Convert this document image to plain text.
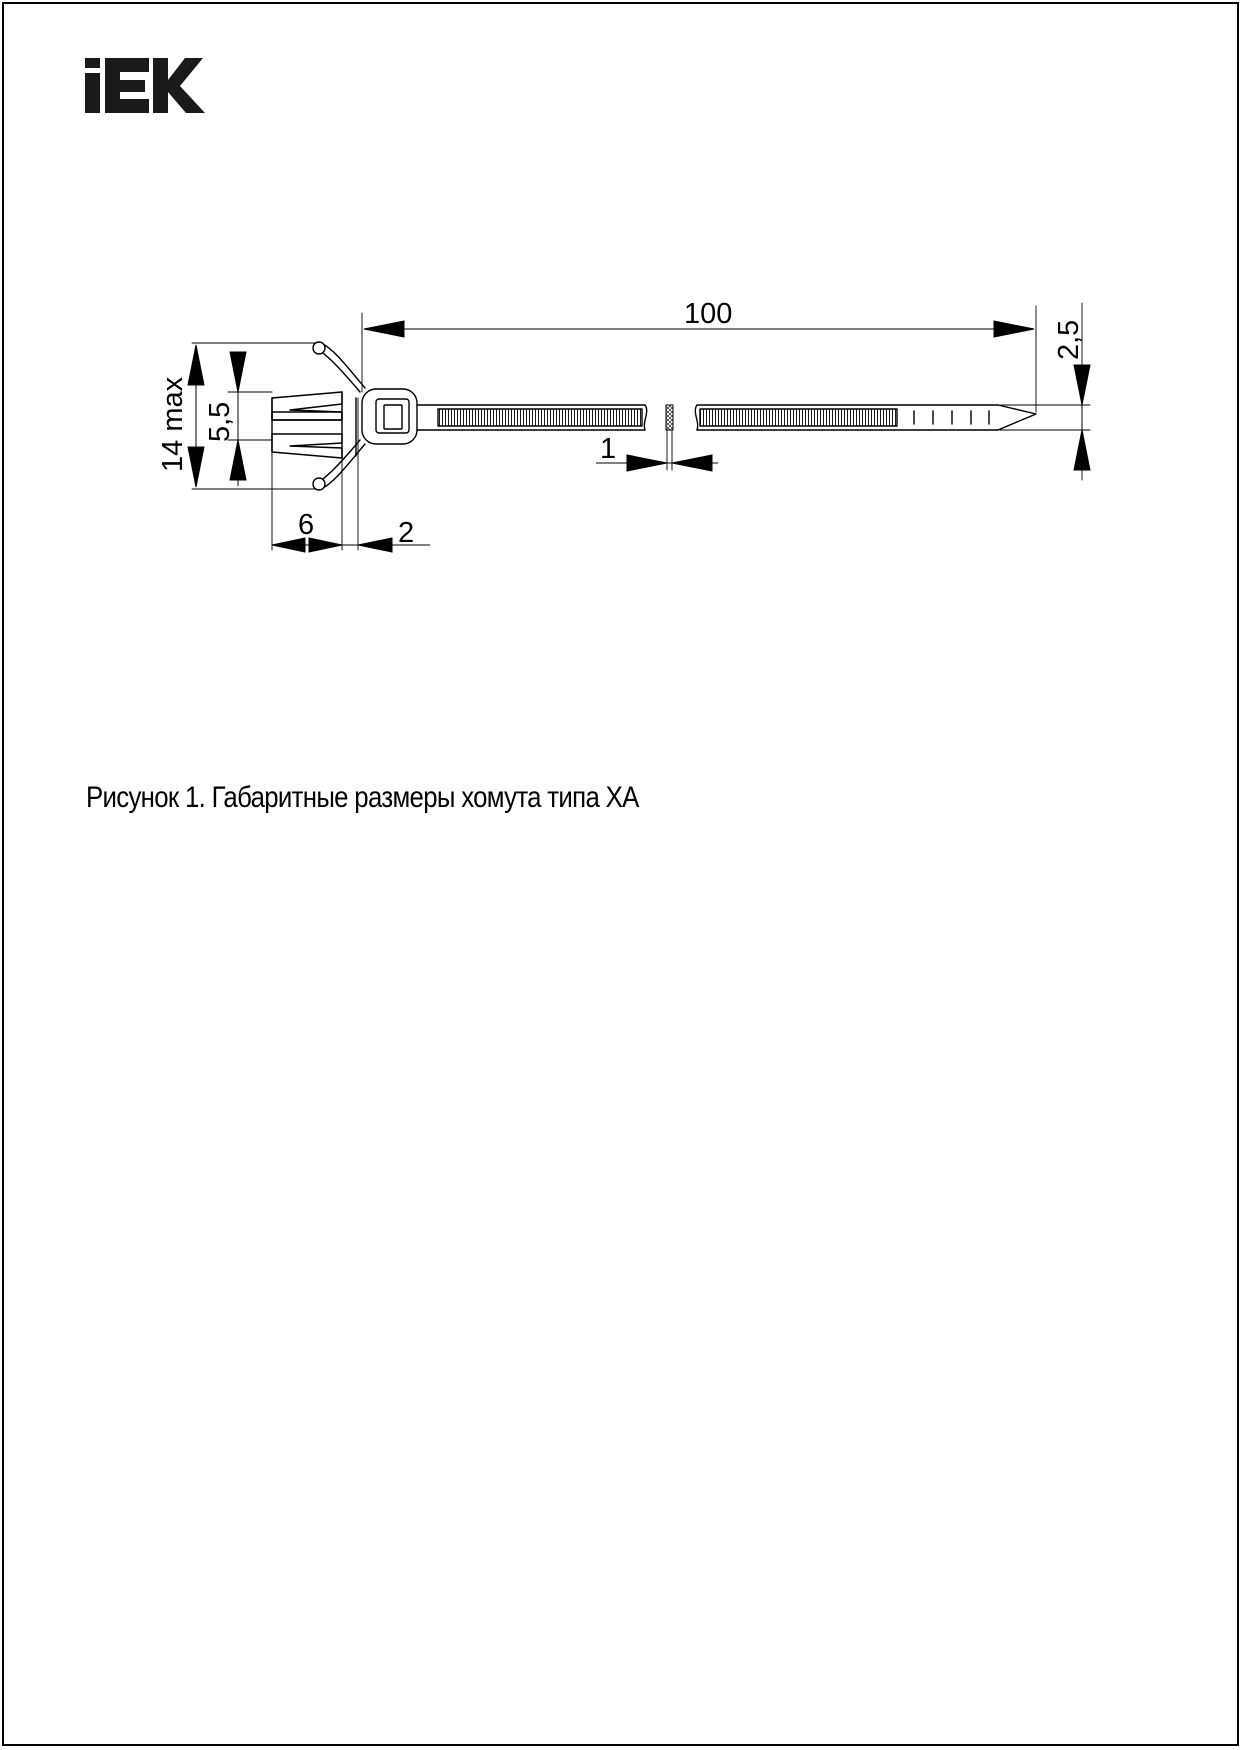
100
14 max 5,5
2,5
1
6	2
Рисунок 1. Габаритные размеры хомута типа ХА
